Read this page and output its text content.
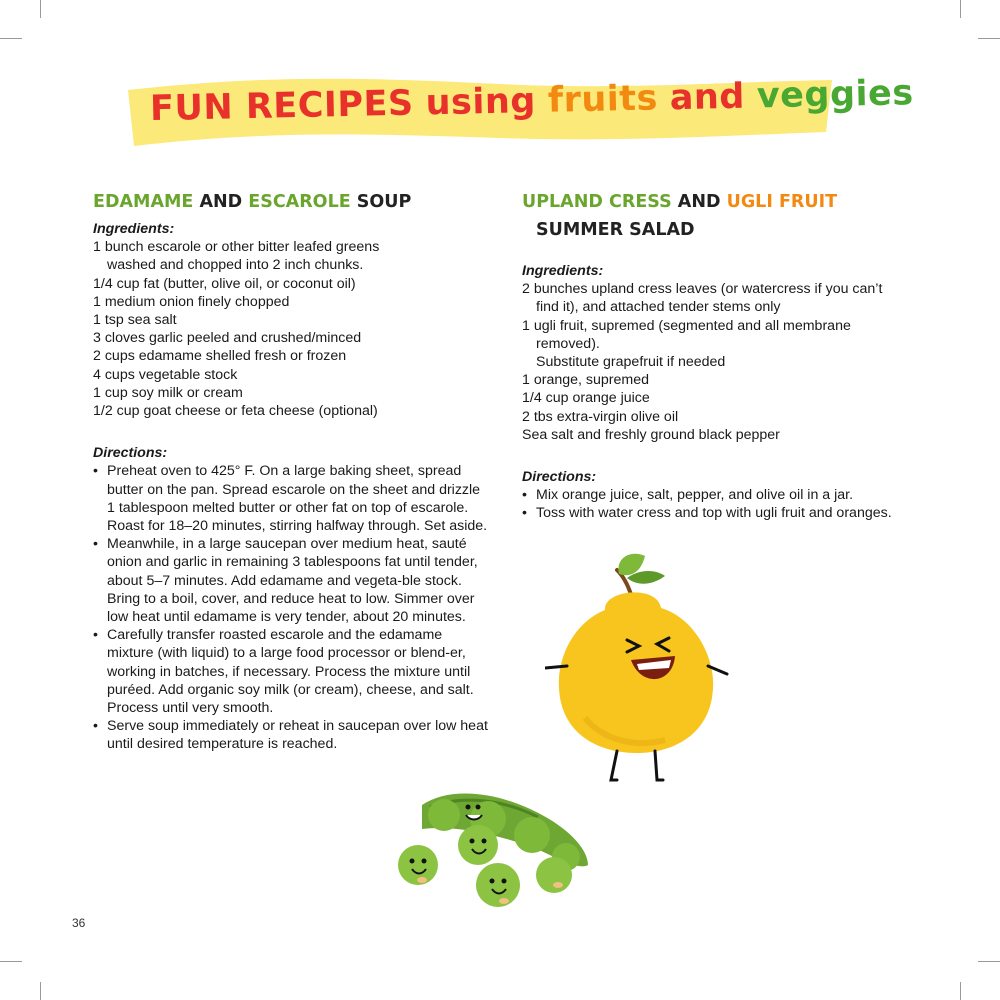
FUN RECIPES using fruits and veggies
EDAMAME AND ESCAROLE SOUP
Ingredients:
1 bunch escarole or other bitter leafed greens
washed and chopped into 2 inch chunks.
1/4 cup fat (butter, olive oil, or coconut oil)
1 medium onion finely chopped
1 tsp sea salt
3 cloves garlic peeled and crushed/minced
2 cups edamame shelled fresh or frozen
4 cups vegetable stock
1 cup soy milk or cream
1/2 cup goat cheese or feta cheese (optional)
Directions:
• Preheat oven to 425° F. On a large baking sheet, spread butter on the pan. Spread escarole on the sheet and drizzle 1 tablespoon melted butter or other fat on top of escarole. Roast for 18–20 minutes, stirring halfway through. Set aside.
• Meanwhile, in a large saucepan over medium heat, sauté onion and garlic in remaining 3 tablespoons fat until tender, about 5–7 minutes. Add edamame and vegeta-ble stock. Bring to a boil, cover, and reduce heat to low. Simmer over low heat until edamame is very tender, about 20 minutes.
• Carefully transfer roasted escarole and the edamame mixture (with liquid) to a large food processor or blend-er, working in batches, if necessary. Process the mixture until puréed. Add organic soy milk (or cream), cheese, and salt. Process until very smooth.
• Serve soup immediately or reheat in saucepan over low heat until desired temperature is reached.
UPLAND CRESS AND UGLI FRUIT
SUMMER SALAD
Ingredients:
2 bunches upland cress leaves (or watercress if you can’t
find it), and attached tender stems only
1 ugli fruit, supremed (segmented and all membrane
removed).
Substitute grapefruit if needed
1 orange, supremed
1/4 cup orange juice
2 tbs extra-virgin olive oil
Sea salt and freshly ground black pepper
Directions:
• Mix orange juice, salt, pepper, and olive oil in a jar.
• Toss with water cress and top with ugli fruit and oranges.
36
